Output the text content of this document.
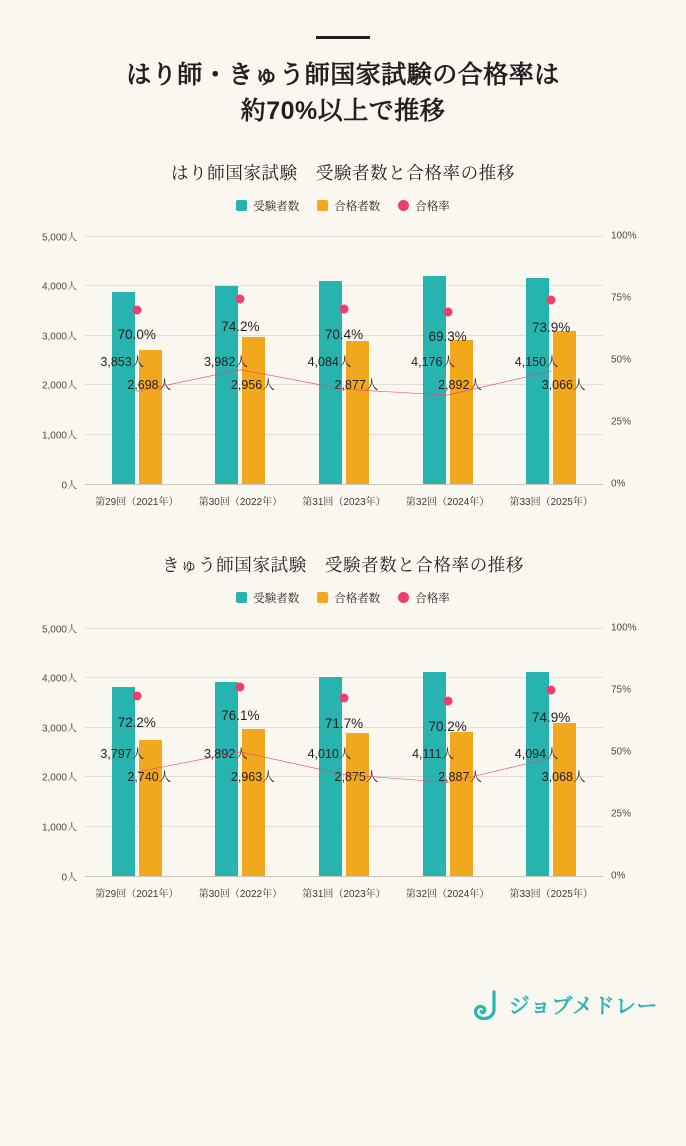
はり師・きゅう師国家試験の合格率は
約70%以上で推移
はり師国家試験　受験者数と合格率の推移
受験者数	合格者数	合格率
5,000人
4,000人
3,000人
2,000人
1,000人
0人
100%
75%
50%
25%
0%
3,853人
2,698人
70.0%
第29回（2021年）
3,982人
2,956人
74.2%
第30回（2022年）
4,084人
2,877人
70.4%
第31回（2023年）
4,176人
2,892人
69.3%
第32回（2024年）
4,150人
3,066人
73.9%
第33回（2025年）
きゅう師国家試験　受験者数と合格率の推移
受験者数	合格者数	合格率
5,000人
4,000人
3,000人
2,000人
1,000人
0人
100%
75%
50%
25%
0%
3,797人
2,740人
72.2%
第29回（2021年）
3,892人
2,963人
76.1%
第30回（2022年）
4,010人
2,875人
71.7%
第31回（2023年）
4,111人
2,887人
70.2%
第32回（2024年）
4,094人
3,068人
74.9%
第33回（2025年）
ジョブメドレー
